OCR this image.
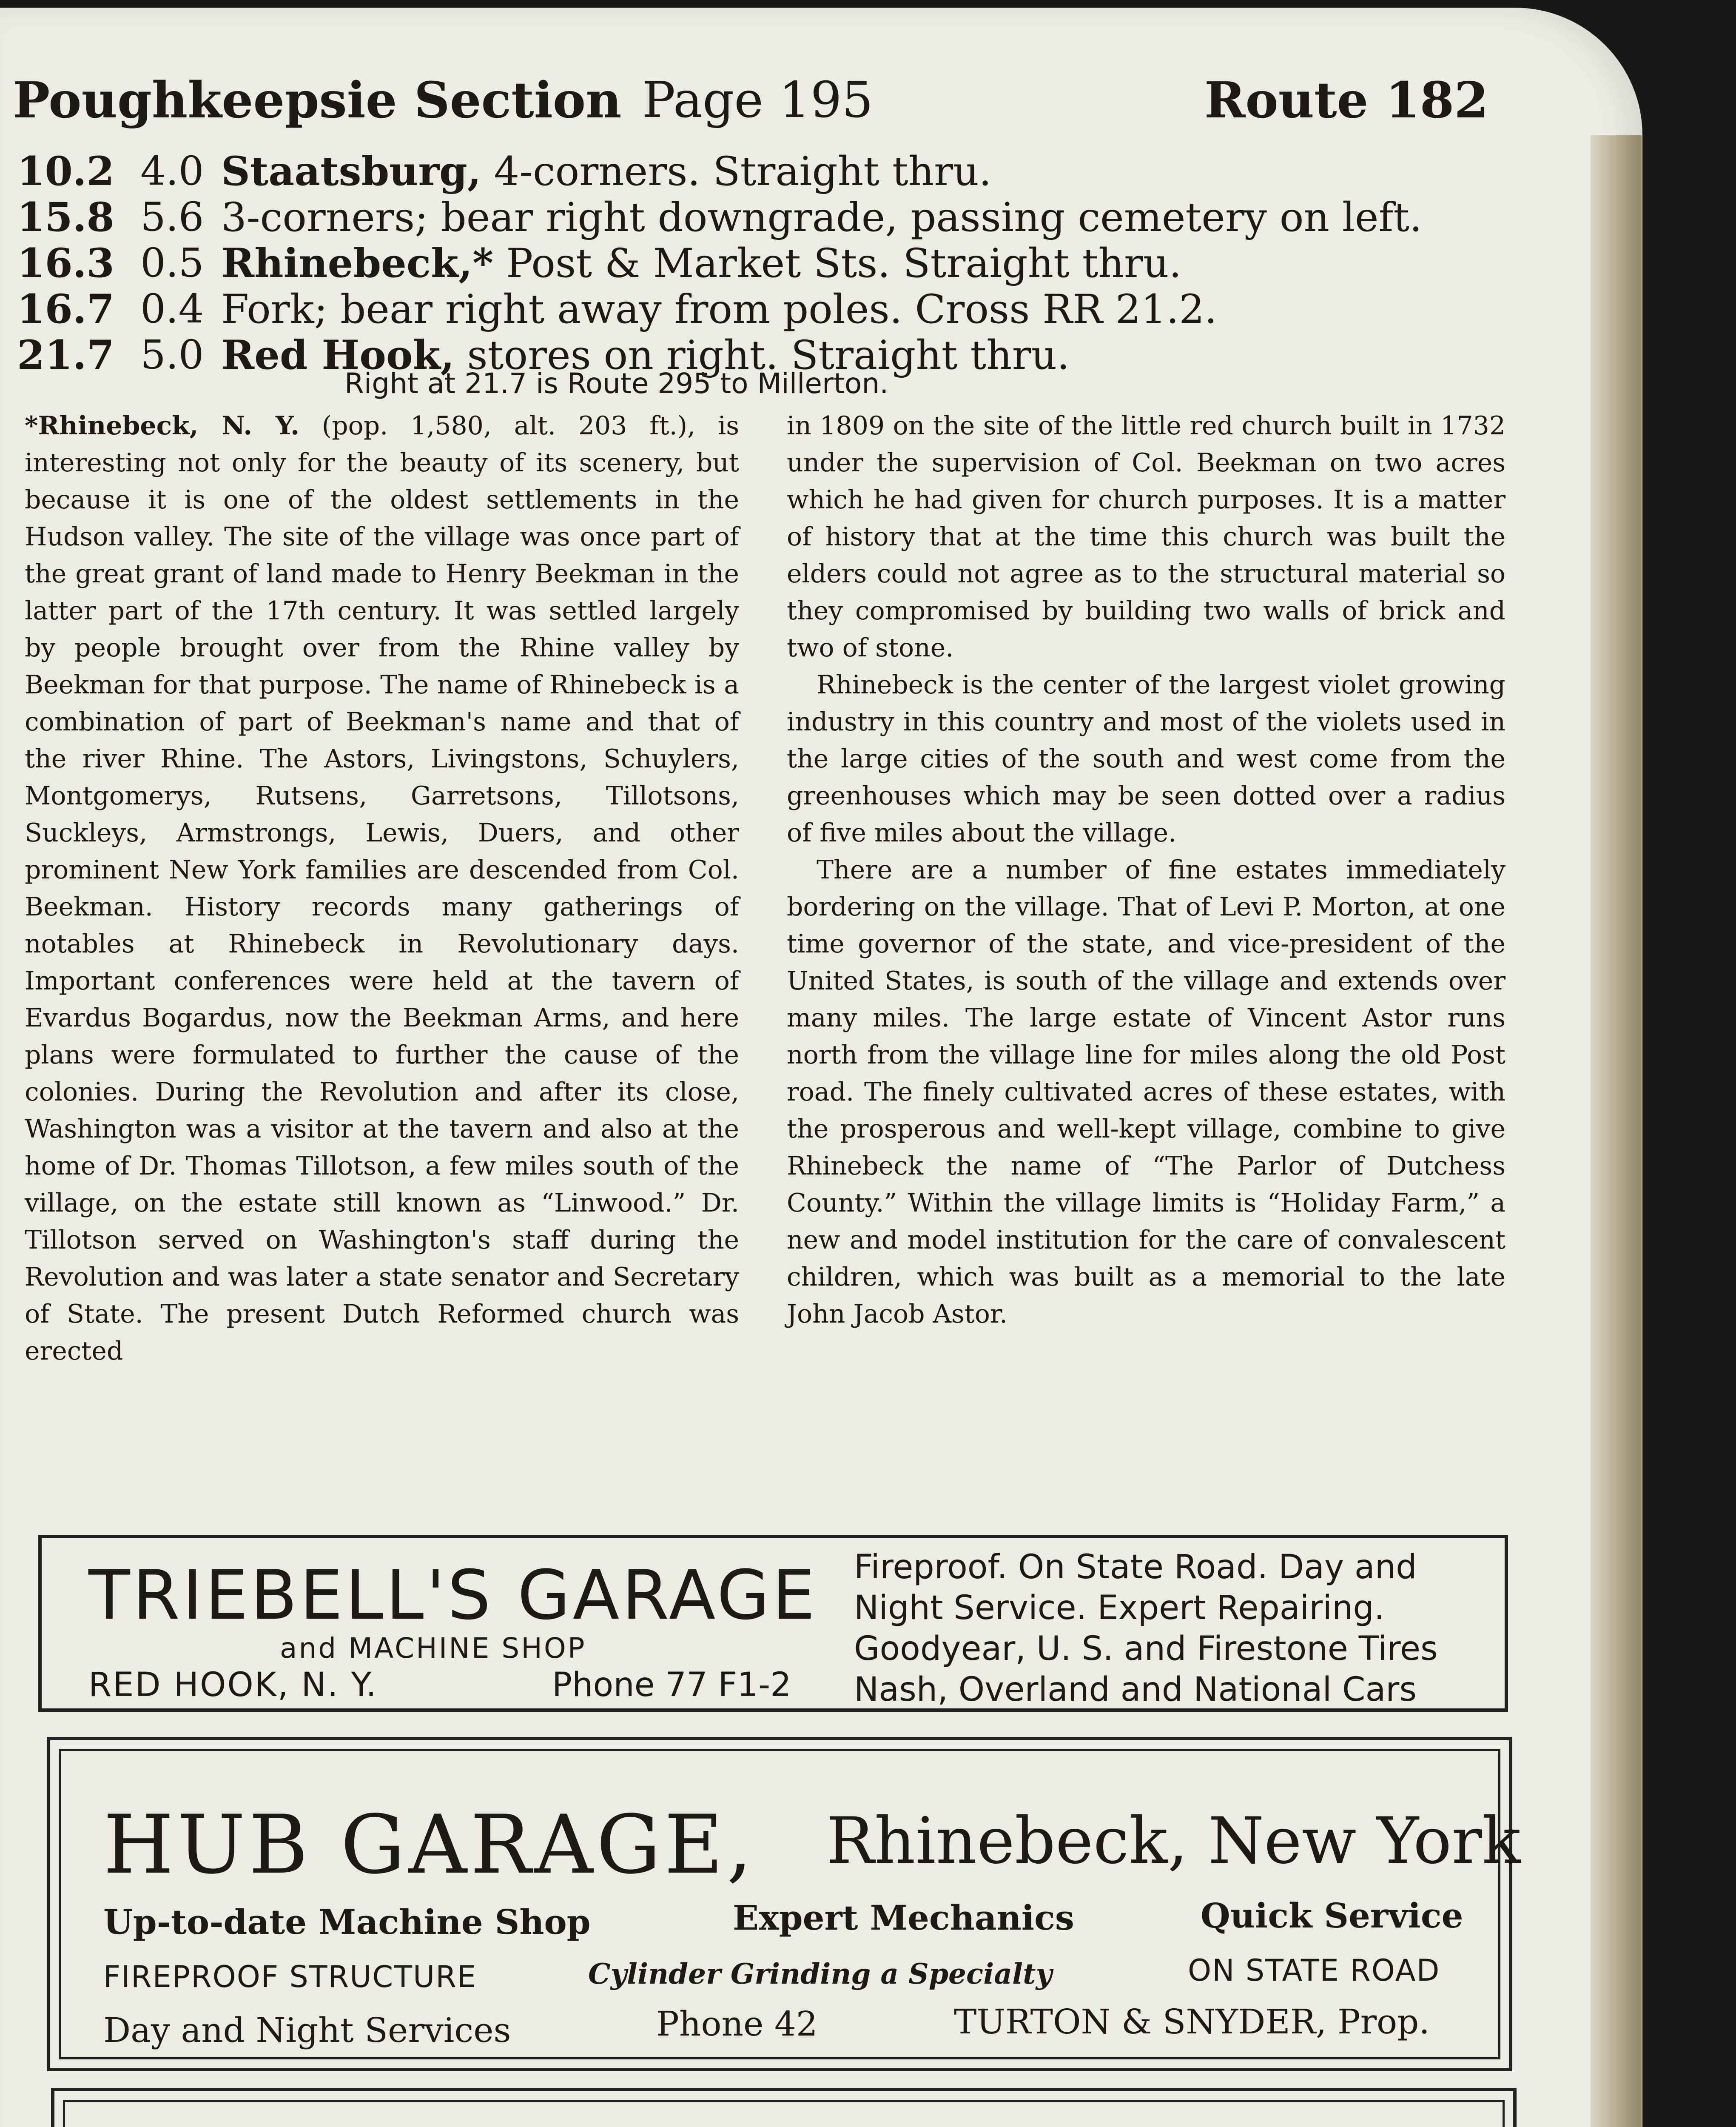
Poughkeepsie Section Page 195	Route 182
10.2 4.0 Staatsburg, 4-corners. Straight thru.
15.8 5.6 3-corners; bear right downgrade, passing cemetery on left.
16.3 0.5 Rhinebeck,* Post & Market Sts. Straight thru.
16.7 0.4 Fork; bear right away from poles. Cross RR 21.2.
21.7 5.0 Red Hook, stores on right. Straight thru.
Right at 21.7 is Route 295 to Millerton.

*Rhinebeck, N. Y. (pop. 1,580, alt. 203 ft.), is interesting not only for the beauty of its scenery, but because it is one of the oldest settlements in the Hudson valley. The site of the village was once part of the great grant of land made to Henry Beekman in the latter part of the 17th century. It was settled largely by people brought over from the Rhine valley by Beekman for that purpose. The name of Rhinebeck is a combination of part of Beekman's name and that of the river Rhine. The Astors, Livingstons, Schuylers, Montgomerys, Rutsens, Garretsons, Tillotsons, Suckleys, Armstrongs, Lewis, Duers, and other prominent New York families are descended from Col. Beekman. History records many gatherings of notables at Rhinebeck in Revolutionary days. Important conferences were held at the tavern of Evardus Bogardus, now the Beekman Arms, and here plans were formulated to further the cause of the colonies. During the Revolution and after its close, Washington was a visitor at the tavern and also at the home of Dr. Thomas Tillotson, a few miles south of the village, on the estate still known as “Linwood.” Dr. Tillotson served on Washington's staff during the Revolution and was later a state senator and Secretary of State. The present Dutch Reformed church was erected

in 1809 on the site of the little red church built in 1732 under the supervision of Col. Beekman on two acres which he had given for church purposes. It is a matter of history that at the time this church was built the elders could not agree as to the structural material so they compromised by building two walls of brick and two of stone.

Rhinebeck is the center of the largest violet growing industry in this country and most of the violets used in the large cities of the south and west come from the greenhouses which may be seen dotted over a radius of five miles about the village.

There are a number of fine estates immediately bordering on the village. That of Levi P. Morton, at one time governor of the state, and vice-president of the United States, is south of the village and extends over many miles. The large estate of Vincent Astor runs north from the village line for miles along the old Post road. The finely cultivated acres of these estates, with the prosperous and well-kept village, combine to give Rhinebeck the name of “The Parlor of Dutchess County.” Within the village limits is “Holiday Farm,” a new and model institution for the care of convalescent children, which was built as a memorial to the late John Jacob Astor.

TRIEBELL'S GARAGE
and MACHINE SHOP
RED HOOK, N. Y.	Phone 77 F1-2
Fireproof. On State Road. Day and
Night Service. Expert Repairing.
Goodyear, U. S. and Firestone Tires
Nash, Overland and National Cars
HUB GARAGE, Rhinebeck, New York
Up-to-date Machine Shop	Expert Mechanics	Quick Service
FIREPROOF STRUCTURE	Cylinder Grinding a Specialty	ON STATE ROAD
Day and Night Services	Phone 42	TURTON & SNYDER, Prop.
